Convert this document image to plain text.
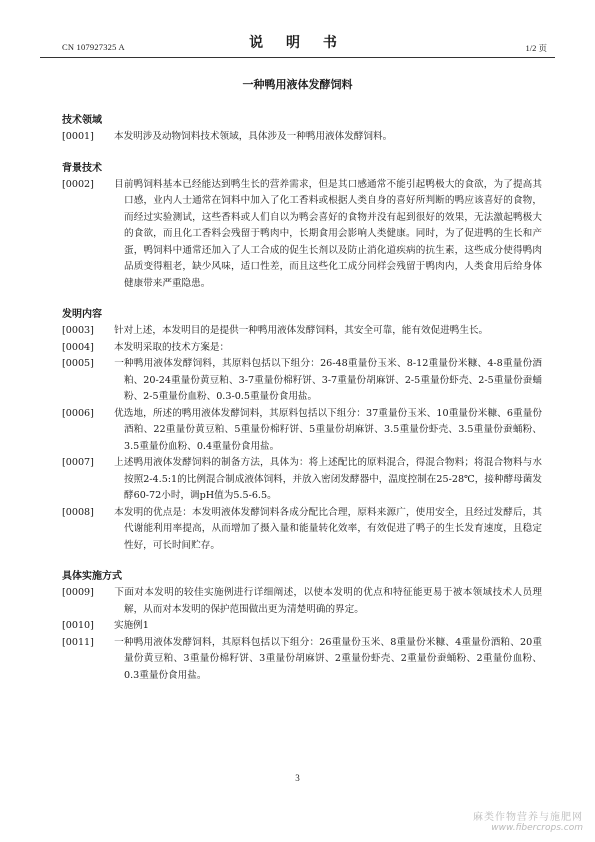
CN 107927325 A	说 明 书	1/2 页
一种鸭用液体发酵饲料
技术领域
[0001] 本发明涉及动物饲料技术领域，具体涉及一种鸭用液体发酵饲料。
背景技术
[0002] 目前鸭饲料基本已经能达到鸭生长的营养需求，但是其口感通常不能引起鸭极大的食欲，为了提高其口感，业内人士通常在饲料中加入了化工香料或根据人类自身的喜好所判断的鸭应该喜好的食物，而经过实验测试，这些香料或人们自以为鸭会喜好的食物并没有起到很好的效果，无法激起鸭极大的食欲，而且化工香料会残留于鸭肉中，长期食用会影响人类健康。同时，为了促进鸭的生长和产蛋，鸭饲料中通常还加入了人工合成的促生长剂以及防止消化道疾病的抗生素，这些成分使得鸭肉品质变得粗老，缺少风味，适口性差，而且这些化工成分同样会残留于鸭肉内，人类食用后给身体健康带来严重隐患。
发明内容
[0003] 针对上述，本发明目的是提供一种鸭用液体发酵饲料，其安全可靠，能有效促进鸭生长。
[0004] 本发明采取的技术方案是：
[0005] 一种鸭用液体发酵饲料，其原料包括以下组分：26-48重量份玉米、8-12重量份米糠、4-8重量份酒粕、20-24重量份黄豆粕、3-7重量份棉籽饼、3-7重量份胡麻饼、2-5重量份虾壳、2-5重量份蚕蛹粉、2-5重量份血粉、0.3-0.5重量份食用盐。
[0006] 优选地，所述的鸭用液体发酵饲料，其原料包括以下组分：37重量份玉米、10重量份米糠、6重量份酒粕、22重量份黄豆粕、5重量份棉籽饼、5重量份胡麻饼、3.5重量份虾壳、3.5重量份蚕蛹粉、3.5重量份血粉、0.4重量份食用盐。
[0007] 上述鸭用液体发酵饲料的制备方法，具体为：将上述配比的原料混合，得混合物料；将混合物料与水按照2-4.5:1的比例混合制成液体饲料，并放入密闭发酵器中，温度控制在25-28℃，接种酵母菌发酵60-72小时，调pH值为5.5-6.5。
[0008] 本发明的优点是：本发明液体发酵饲料各成分配比合理，原料来源广，使用安全，且经过发酵后，其代谢能利用率提高，从而增加了摄入量和能量转化效率，有效促进了鸭子的生长发育速度，且稳定性好，可长时间贮存。
具体实施方式
[0009] 下面对本发明的较佳实施例进行详细阐述，以使本发明的优点和特征能更易于被本领域技术人员理解，从而对本发明的保护范围做出更为清楚明确的界定。
[0010] 实施例1
[0011] 一种鸭用液体发酵饲料，其原料包括以下组分：26重量份玉米、8重量份米糠、4重量份酒粕、20重量份黄豆粕、3重量份棉籽饼、3重量份胡麻饼、2重量份虾壳、2重量份蚕蛹粉、2重量份血粉、0.3重量份食用盐。
3
麻类作物营养与施肥网
www.fibercrops.com
